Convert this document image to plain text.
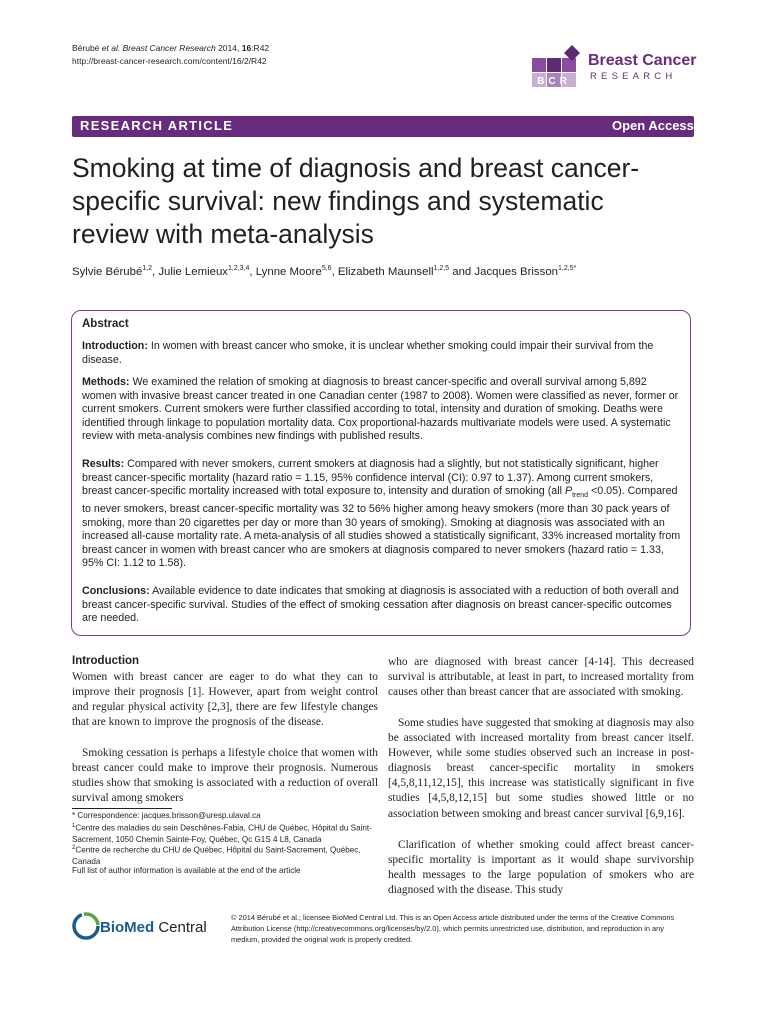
Bérubé et al. Breast Cancer Research 2014, 16:R42
http://breast-cancer-research.com/content/16/2/R42
BCR
Breast Cancer
RESEARCH
RESEARCH ARTICLE	Open Access
Smoking at time of diagnosis and breast cancer-specific survival: new findings and systematic review with meta-analysis
Sylvie Bérubé$^{1,2}$, Julie Lemieux$^{1,2,3,4}$, Lynne Moore$^{5,6}$, Elizabeth Maunsell$^{1,2,5}$ and Jacques Brisson$^{1,2,5*}$
Abstract

Introduction: In women with breast cancer who smoke, it is unclear whether smoking could impair their survival from the disease.

Methods: We examined the relation of smoking at diagnosis to breast cancer-specific and overall survival among 5,892 women with invasive breast cancer treated in one Canadian center (1987 to 2008). Women were classified as never, former or current smokers. Current smokers were further classified according to total, intensity and duration of smoking. Deaths were identified through linkage to population mortality data. Cox proportional-hazards multivariate models were used. A systematic review with meta-analysis combines new findings with published results.

Results: Compared with never smokers, current smokers at diagnosis had a slightly, but not statistically significant, higher breast cancer-specific mortality (hazard ratio = 1.15, 95% confidence interval (CI): 0.97 to 1.37). Among current smokers, breast cancer-specific mortality increased with total exposure to, intensity and duration of smoking (all $P_{trend} <0.05$). Compared to never smokers, breast cancer-specific mortality was 32 to 56% higher among heavy smokers (more than 30 pack years of smoking, more than 20 cigarettes per day or more than 30 years of smoking). Smoking at diagnosis was associated with an increased all-cause mortality rate. A meta-analysis of all studies showed a statistically significant, 33% increased mortality from breast cancer in women with breast cancer who are smokers at diagnosis compared to never smokers (hazard ratio = 1.33, 95% CI: 1.12 to 1.58).

Conclusions: Available evidence to date indicates that smoking at diagnosis is associated with a reduction of both overall and breast cancer-specific survival. Studies of the effect of smoking cessation after diagnosis on breast cancer-specific outcomes are needed.

Introduction

Women with breast cancer are eager to do what they can to improve their prognosis [1]. However, apart from weight control and regular physical activity [2,3], there are few lifestyle changes that are known to improve the prognosis of the disease.

Smoking cessation is perhaps a lifestyle choice that women with breast cancer could make to improve their prognosis. Numerous studies show that smoking is associated with a reduction of overall survival among smokers

who are diagnosed with breast cancer [4-14]. This decreased survival is attributable, at least in part, to increased mortality from causes other than breast cancer that are associated with smoking.

Some studies have suggested that smoking at diagnosis may also be associated with increased mortality from breast cancer itself. However, while some studies observed such an increase in post-diagnosis breast cancer-specific mortality in smokers [4,5,8,11,12,15], this increase was statistically significant in five studies [4,5,8,12,15] but some studies showed little or no association between smoking and breast cancer survival [6,9,16].

Clarification of whether smoking could affect breast cancer-specific mortality is important as it would shape survivorship health messages to the large population of smokers who are diagnosed with the disease. This study

* Correspondence: jacques.brisson@uresp.ulaval.ca

$^1$Centre des maladies du sein Deschênes-Fabia, CHU de Québec, Hôpital du Saint-Sacrement, 1050 Chemin Sainte-Foy, Québec, Qc G1S 4 L8, Canada

$^2$Centre de recherche du CHU de Québec, Hôpital du Saint-Sacrement, Québec, Canada

Full list of author information is available at the end of the article

BioMed Central

© 2014 Bérubé et al.; licensee BioMed Central Ltd. This is an Open Access article distributed under the terms of the Creative Commons Attribution License (http://creativecommons.org/licenses/by/2.0), which permits unrestricted use, distribution, and reproduction in any medium, provided the original work is properly credited.
